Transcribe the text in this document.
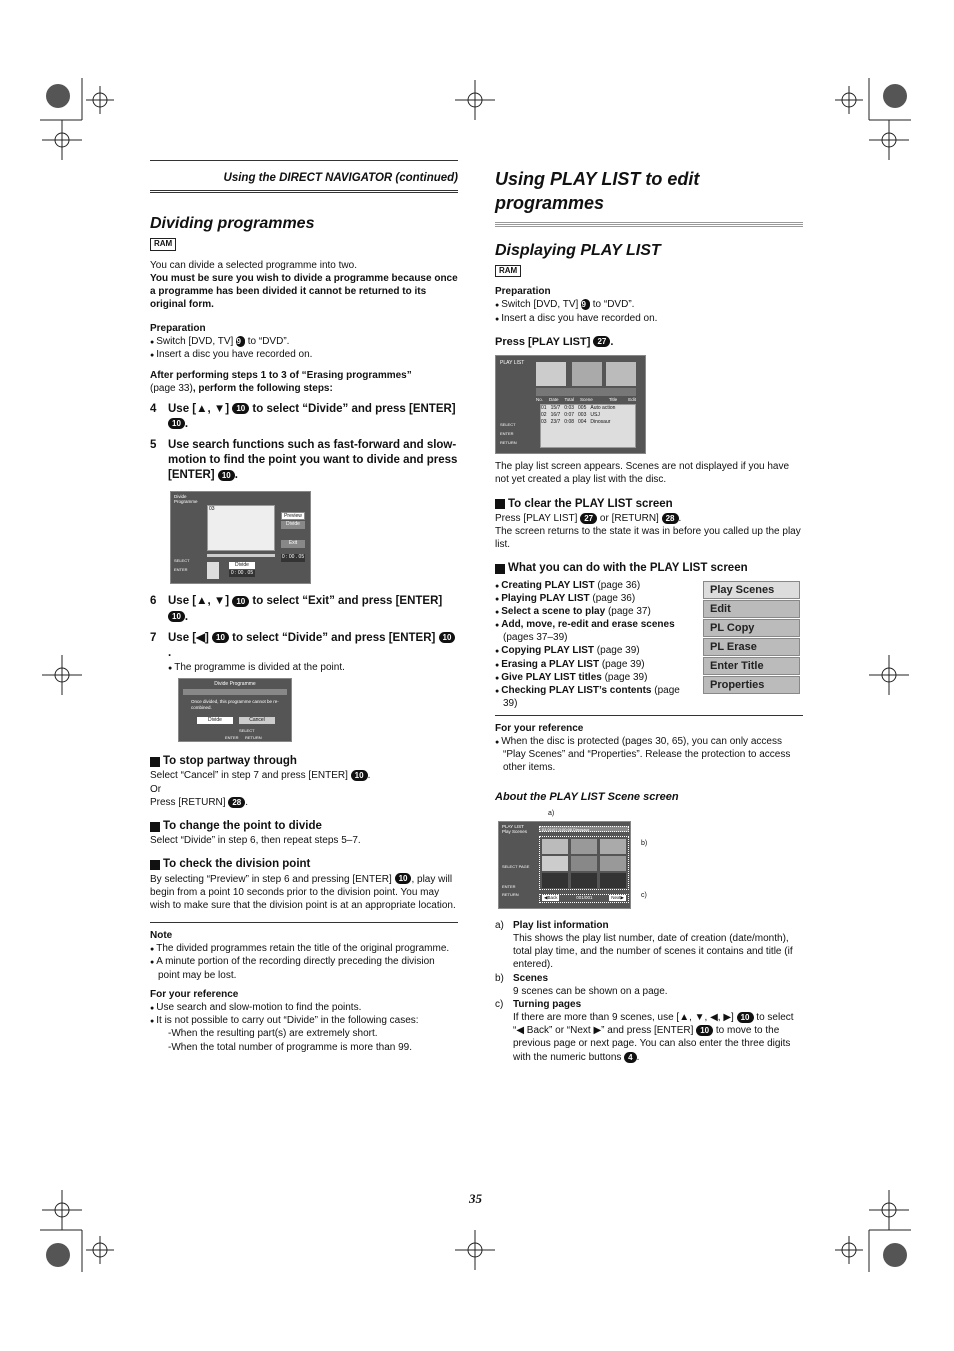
Using the DIRECT NAVIGATOR (continued)
Dividing programmes
RAM

You can divide a selected programme into two.

You must be sure you wish to divide a programme because once a programme has been divided it cannot be returned to its original form.

Preparation

● Switch [DVD, TV] 19 to “DVD”.

● Insert a disc you have recorded on.

After performing steps 1 to 3 of “Erasing programmes”
(page 33), perform the following steps:

4	Use [▲, ▼] 10 to select “Divide” and press [ENTER] 10 .
5	Use search functions such as fast-forward and slow-motion to find the point you want to divide and press [ENTER] 10 .
Divide Programme
03
Preview
Divide
Exit
0 : 00 . 05
Divide
0 : 00 . 05
SELECT
ENTER
6	Use [▲, ▼] 10 to select “Exit” and press [ENTER] 10 .
7	Use [◀] 10 to select “Divide” and press [ENTER] 10.

● The programme is divided at the point.

Divide Programme
Once divided, this programme cannot be re-combined.
Divide	Cancel
SELECT
ENTER RETURN
To stop partway through

Select “Cancel” in step 7 and press [ENTER] 10 .

Or

Press [RETURN] 28 .

To change the point to divide

Select “Divide” in step 6, then repeat steps 5–7.

To check the division point

By selecting “Preview” in step 6 and pressing [ENTER] 10 , play will begin from a point 10 seconds prior to the division point. You may wish to make sure that the division point is at an appropriate location.

Note

● The divided programmes retain the title of the original programme.

● A minute portion of the recording directly preceding the division point may be lost.

For your reference

● Use search and slow-motion to find the points.

● It is not possible to carry out “Divide” in the following cases:

-When the resulting part(s) are extremely short.

-When the total number of programme is more than 99.

Using PLAY LIST to edit programmes
Displaying PLAY LIST
RAM

Preparation

● Switch [DVD, TV] 19 to “DVD”.

● Insert a disc you have recorded on.

Press [PLAY LIST] 27 .

PLAY LIST
No. Date Total Scene	Title Edit
01 15/7 0:03 005 Auto action
02 16/7 0:07 003 USJ
03 23/7 0:08 004 Dinosaur
SELECT
ENTER
RETURN

The play list screen appears. Scenes are not displayed if you have not yet created a play list with the disc.

To clear the PLAY LIST screen

Press [PLAY LIST] 27 or [RETURN] 28 .

The screen returns to the state it was in before you called up the play list.

What you can do with the PLAY LIST screen

● Creating PLAY LIST (page 36)

● Playing PLAY LIST (page 36)

● Select a scene to play (page 37)

● Add, move, re-edit and erase scenes (pages 37–39)

● Copying PLAY LIST (page 39)

● Erasing a PLAY LIST (page 39)

● Give PLAY LIST titles (page 39)

● Checking PLAY LIST’s contents (page 39)

Play Scenes
Edit
PL Copy
PL Erase
Enter Title
Properties

For your reference

● When the disc is protected (pages 30, 65), you can only access “Play Scenes” and “Properties”. Release the protection to access other items.

About the PLAY LIST Scene screen

a)
PLAY LIST
Play Scenes	01 01/07 0:00:08 Dinosaur
◀Back	001/001	Next▶
SELECT PAGE
ENTER
RETURN
b)
c)
a) Play list information
This shows the play list number, date of creation (date/month), total play time, and the number of scenes it contains and title (if entered).
b) Scenes
9 scenes can be shown on a page.
c) Turning pages
If there are more than 9 scenes, use [▲, ▼, ◀, ▶] 10 to select “◀ Back” or “Next ▶” and press [ENTER] 10 to move to the previous page or next page. You can also enter the three digits with the numeric buttons 4 .
35
